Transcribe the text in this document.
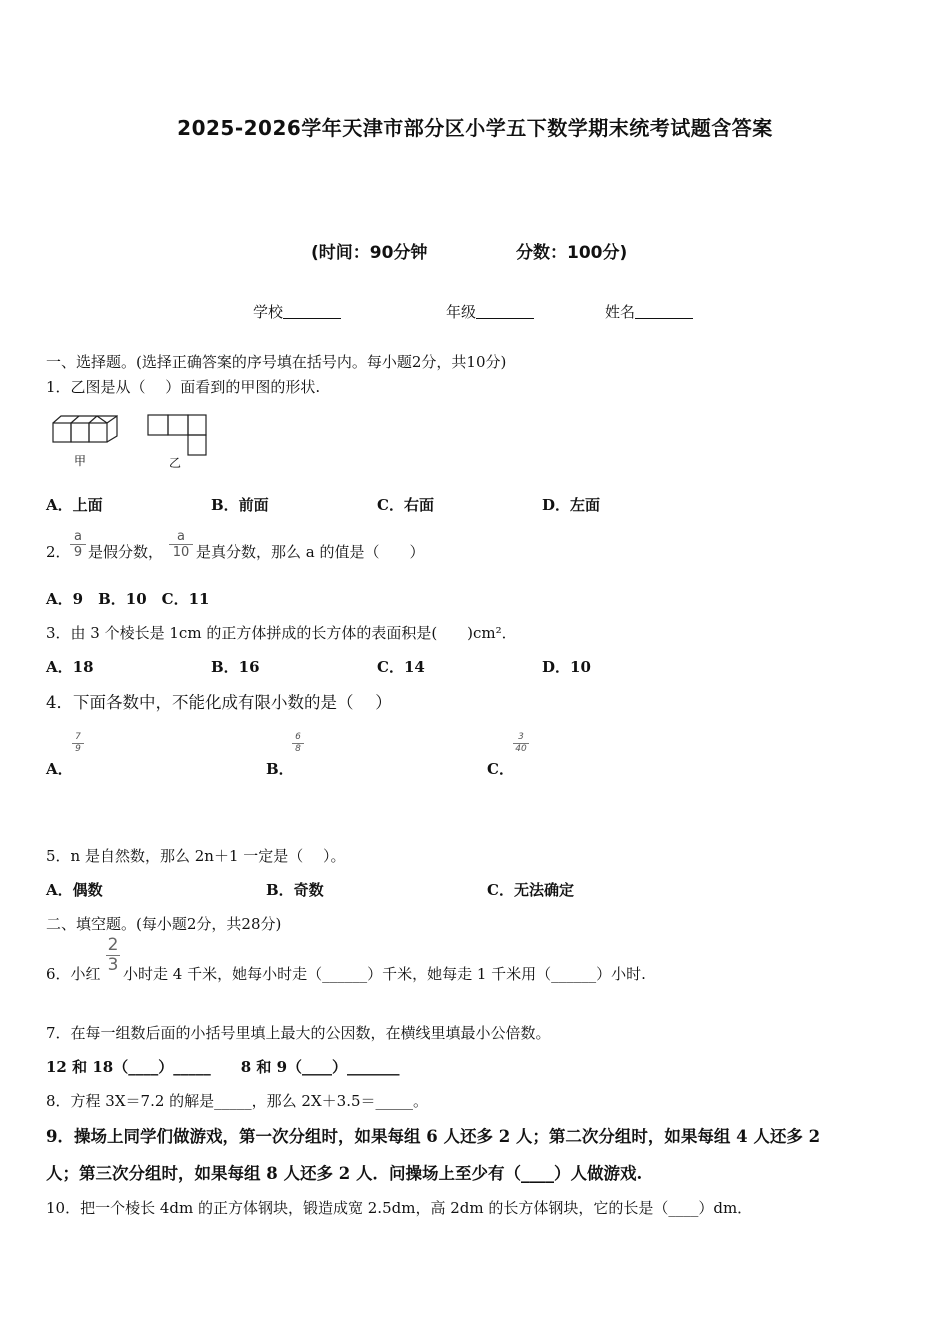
2025-2026学年天津市部分区小学五下数学期末统考试题含答案
(时间：90分钟	分数：100分)
学校	年级	姓名
一、选择题。(选择正确答案的序号填在括号内。每小题2分，共10分)
1．乙图是从（　 ）面看到的甲图的形状.
甲	乙
A．上面	B．前面	C．右面	D．左面
2．
a
9 是假分数，
a
10 是真分数，那么 a 的值是（　　）
A．9　B．10　C．11
3．由 3 个棱长是 1cm 的正方体拼成的长方体的表面积是(　　)cm²．
A．18	B．16	C．14	D．10
4．下面各数中，不能化成有限小数的是（　 ）
A．
7
9
B．
6
8
C．
3
40
5．n 是自然数，那么 2n＋1 一定是（　 ）。
A．偶数	B．奇数	C．无法确定
二、填空题。(每小题2分，共28分)
6．小红
2
3 小时走 4 千米，她每小时走（______）千米，她每走 1 千米用（______）小时.
7．在每一组数后面的小括号里填上最大的公因数，在横线里填最小公倍数。
12 和 18（____）_____　　8 和 9（____）_______
8．方程 3X＝7.2 的解是_____，那么 2X＋3.5＝_____。
9．操场上同学们做游戏，第一次分组时，如果每组 6 人还多 2 人；第二次分组时，如果每组 4 人还多 2
人；第三次分组时，如果每组 8 人还多 2 人．问操场上至少有（____）人做游戏.
10．把一个棱长 4dm 的正方体钢块，锻造成宽 2.5dm，高 2dm 的长方体钢块，它的长是（____）dm．
